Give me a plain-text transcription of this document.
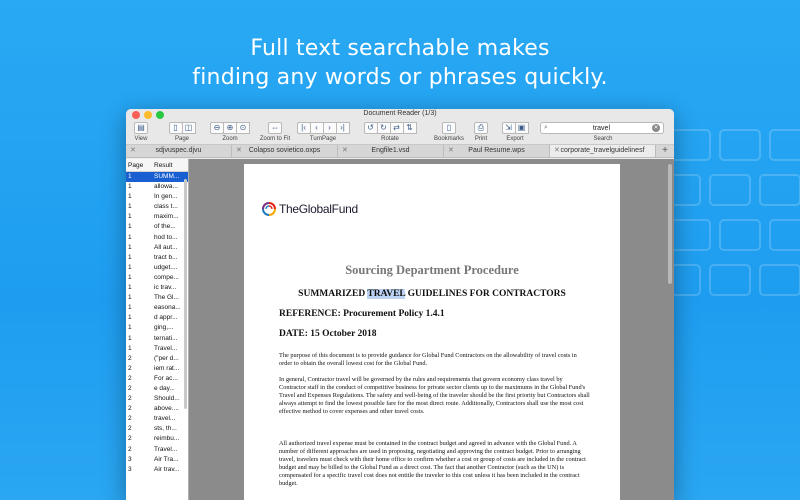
Full text searchable makes
finding any words or phrases quickly.
Document Reader (1/3)
▤
View
▯ ◫
Page
⊖ ⊕ ⊙
Zoom
⇔
Zoom to Fit
|‹ ‹ › ›|
TurnPage
↺ ↻ ⇄ ⇅
Rotate
▯
Bookmarks
⎙
Print
⇲ ▣
Export
⌕	travel	✕
Search
✕	sdjvuspec.djvu	✕ Colapso sovietico.oxps	✕	Engfile1.vsd	✕ Paul Resume.wps	✕ corporate_travelguidelinesf	+
Page	Result
1	SUMM...
1	allowa...
1	In gen...
1	class t...
1	maxim...
1	of the...
1	hod to...
1	All aut...
1	tract b...
1	udget....
1	compe...
1	ic trav...
1	The Gl...
1	easona...
1	d appr...
1	ging,...
1	ternati...
1	Travel...
2	("per d...
2	iem rat...
2	For ac...
2	e day...
2	Should...
2	above....
2	travel...
2	sts, th...
2	reimbu...
2	Travel...
3	Air Tra...
3	Air trav...
TheGlobalFund
Sourcing Department Procedure
SUMMARIZED TRAVEL GUIDELINES FOR CONTRACTORS
REFERENCE: Procurement Policy 1.4.1
DATE: 15 October 2018
The purpose of this document is to provide guidance for Global Fund Contractors on the allowability of travel costs in order to obtain the overall lowest cost for the Global Fund.
In general, Contractor travel will be governed by the rules and requirements that govern economy class travel by Contractor staff in the conduct of competitive business for private sector clients up to the maximums in the Global Fund's Travel and Expenses Regulations. The safety and well-being of the traveler should be the first priority but Contractors shall always attempt to find the lowest possible fare for the most direct route. Additionally, Contractors shall use the most cost effective method to cover expenses and other travel costs.
All authorized travel expense must be contained in the contract budget and agreed in advance with the Global Fund. A number of different approaches are used in proposing, negotiating and approving the contract budget. Prior to arranging travel, travelers must check with their home office to confirm whether a cost or group of costs are included in the contract budget and may be billed to the Global Fund as a direct cost. The fact that another Contractor (such as the UN) is compensated for a specific travel cost does not entitle the traveler to this cost unless it has been included in the contract budget.
